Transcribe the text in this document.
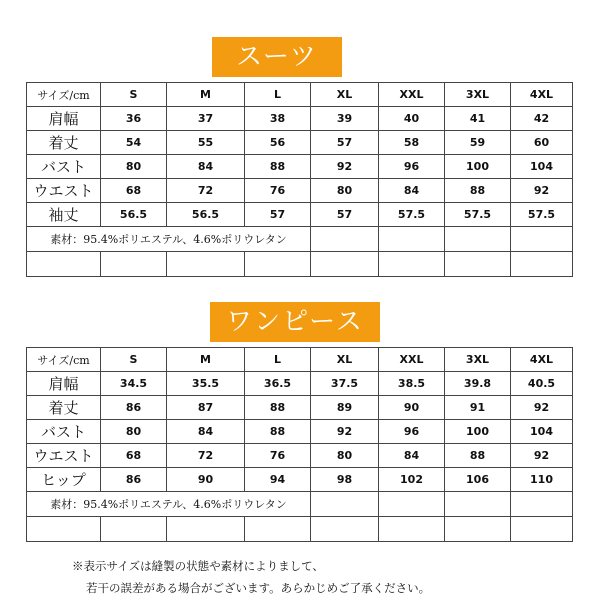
スーツ
サイズ/cm	S	M	L	XL	XXL	3XL	4XL
肩幅	36	37	38	39	40	41	42
着丈	54	55	56	57	58	59	60
バスト	80	84	88	92	96	100	104
ウエスト	68	72	76	80	84	88	92
袖丈	56.5	56.5	57	57	57.5	57.5	57.5
素材：95.4%ポリエステル、4.6%ポリウレタン							

ワンピース
サイズ/cm	S	M	L	XL	XXL	3XL	4XL
肩幅	34.5	35.5	36.5	37.5	38.5	39.8	40.5
着丈	86	87	88	89	90	91	92
バスト	80	84	88	92	96	100	104
ウエスト	68	72	76	80	84	88	92
ヒップ	86	90	94	98	102	106	110
素材：95.4%ポリエステル、4.6%ポリウレタン							

※表示サイズは縫製の状態や素材によりまして、
若干の誤差がある場合がございます。あらかじめご了承ください。
